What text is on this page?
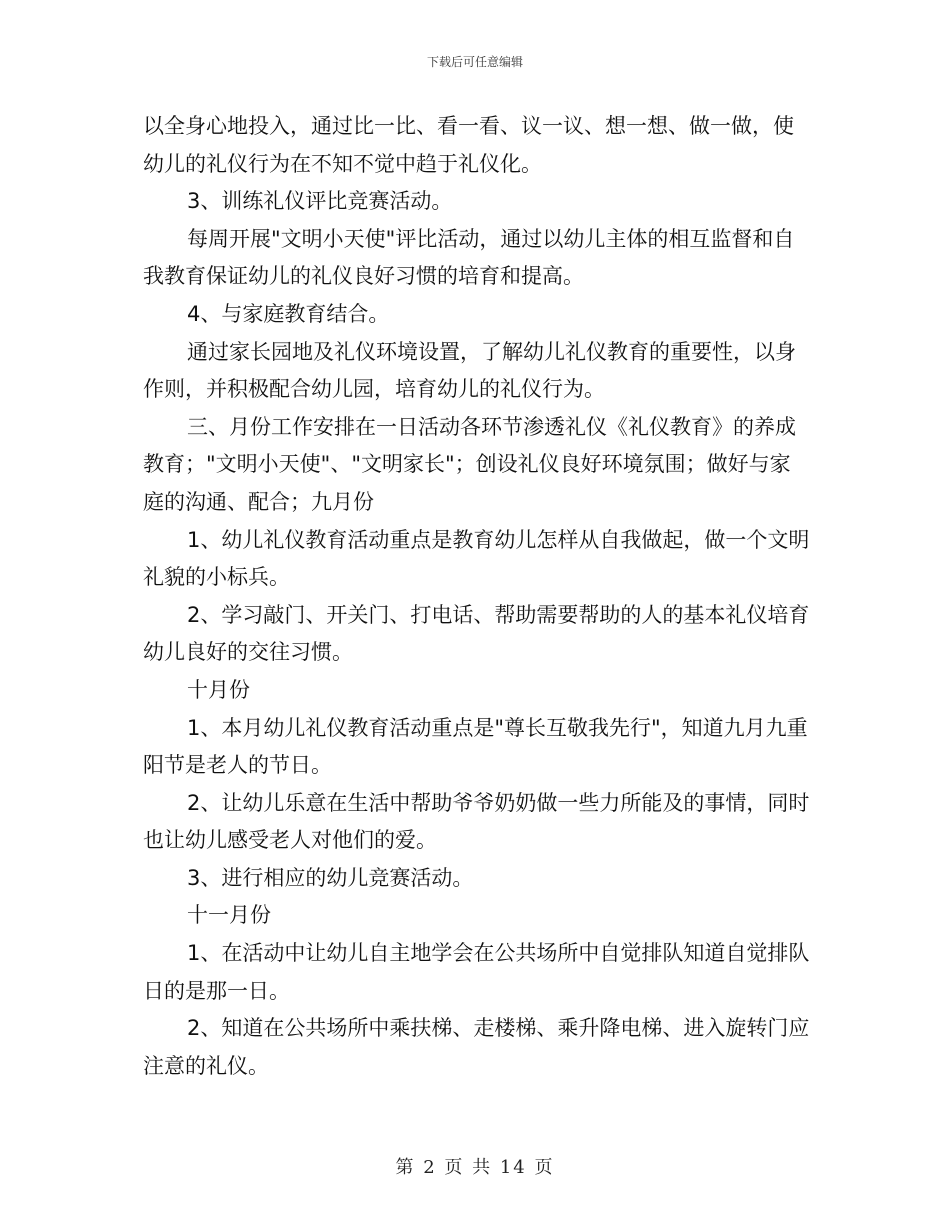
下载后可任意编辑

以全身心地投入，通过比一比、看一看、议一议、想一想、做一做，使幼儿的礼仪行为在不知不觉中趋于礼仪化。

3、训练礼仪评比竞赛活动。

每周开展"文明小天使"评比活动，通过以幼儿主体的相互监督和自我教育保证幼儿的礼仪良好习惯的培育和提高。

4、与家庭教育结合。

通过家长园地及礼仪环境设置，了解幼儿礼仪教育的重要性，以身作则，并积极配合幼儿园，培育幼儿的礼仪行为。

三、月份工作安排在一日活动各环节渗透礼仪《礼仪教育》的养成教育；"文明小天使"、"文明家长"；创设礼仪良好环境氛围；做好与家庭的沟通、配合；九月份

1、幼儿礼仪教育活动重点是教育幼儿怎样从自我做起，做一个文明礼貌的小标兵。

2、学习敲门、开关门、打电话、帮助需要帮助的人的基本礼仪培育幼儿良好的交往习惯。

十月份

1、本月幼儿礼仪教育活动重点是"尊长互敬我先行"，知道九月九重阳节是老人的节日。

2、让幼儿乐意在生活中帮助爷爷奶奶做一些力所能及的事情，同时也让幼儿感受老人对他们的爱。

3、进行相应的幼儿竞赛活动。

十一月份

1、在活动中让幼儿自主地学会在公共场所中自觉排队知道自觉排队日的是那一日。

2、知道在公共场所中乘扶梯、走楼梯、乘升降电梯、进入旋转门应注意的礼仪。

第 2 页 共 14 页
